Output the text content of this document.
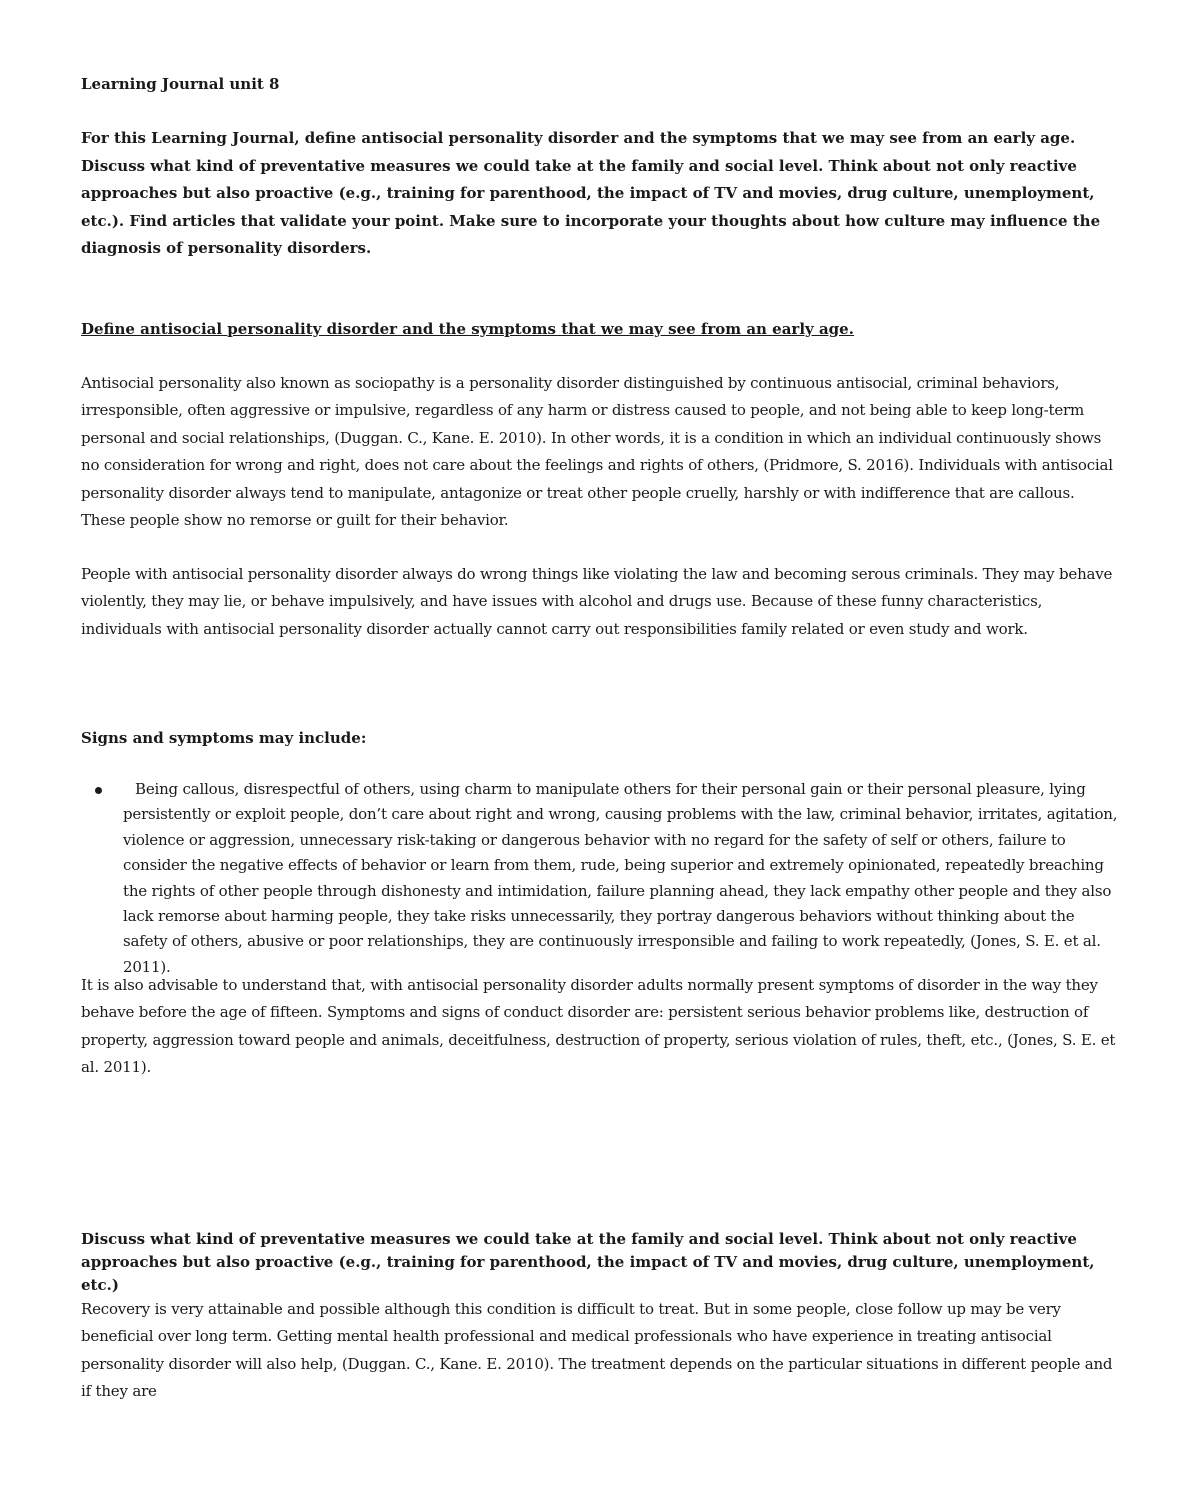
Learning Journal unit 8

For this Learning Journal, define antisocial personality disorder and the symptoms that we may see from an early age. Discuss what kind of preventative measures we could take at the family and social level. Think about not only reactive approaches but also proactive (e.g., training for parenthood, the impact of TV and movies, drug culture, unemployment, etc.). Find articles that validate your point. Make sure to incorporate your thoughts about how culture may influence the diagnosis of personality disorders.

Define antisocial personality disorder and the symptoms that we may see from an early age.

Antisocial personality also known as sociopathy is a personality disorder distinguished by continuous antisocial, criminal behaviors, irresponsible, often aggressive or impulsive, regardless of any harm or distress caused to people, and not being able to keep long-term personal and social relationships, (Duggan. C., Kane. E. 2010). In other words, it is a condition in which an individual continuously shows no consideration for wrong and right, does not care about the feelings and rights of others, (Pridmore, S. 2016). Individuals with antisocial personality disorder always tend to manipulate, antagonize or treat other people cruelly, harshly or with indifference that are callous. These people show no remorse or guilt for their behavior.

People with antisocial personality disorder always do wrong things like violating the law and becoming serous criminals. They may behave violently, they may lie, or behave impulsively, and have issues with alcohol and drugs use. Because of these funny characteristics, individuals with antisocial personality disorder actually cannot carry out responsibilities family related or even study and work.

Signs and symptoms may include:

Being callous, disrespectful of others, using charm to manipulate others for their personal gain or their personal pleasure, lying persistently or exploit people, don’t care about right and wrong, causing problems with the law, criminal behavior, irritates, agitation, violence or aggression, unnecessary risk-taking or dangerous behavior with no regard for the safety of self or others, failure to consider the negative effects of behavior or learn from them, rude, being superior and extremely opinionated, repeatedly breaching the rights of other people through dishonesty and intimidation, failure planning ahead, they lack empathy other people and they also lack remorse about harming people, they take risks unnecessarily, they portray dangerous behaviors without thinking about the safety of others, abusive or poor relationships, they are continuously irresponsible and failing to work repeatedly, (Jones, S. E. et al. 2011).

It is also advisable to understand that, with antisocial personality disorder adults normally present symptoms of disorder in the way they behave before the age of fifteen. Symptoms and signs of conduct disorder are: persistent serious behavior problems like, destruction of property, aggression toward people and animals, deceitfulness, destruction of property, serious violation of rules, theft, etc., (Jones, S. E. et al. 2011).

Discuss what kind of preventative measures we could take at the family and social level. Think about not only reactive approaches but also proactive (e.g., training for parenthood, the impact of TV and movies, drug culture, unemployment, etc.)

Recovery is very attainable and possible although this condition is difficult to treat. But in some people, close follow up may be very beneficial over long term. Getting mental health professional and medical professionals who have experience in treating antisocial personality disorder will also help, (Duggan. C., Kane. E. 2010). The treatment depends on the particular situations in different people and if they are
